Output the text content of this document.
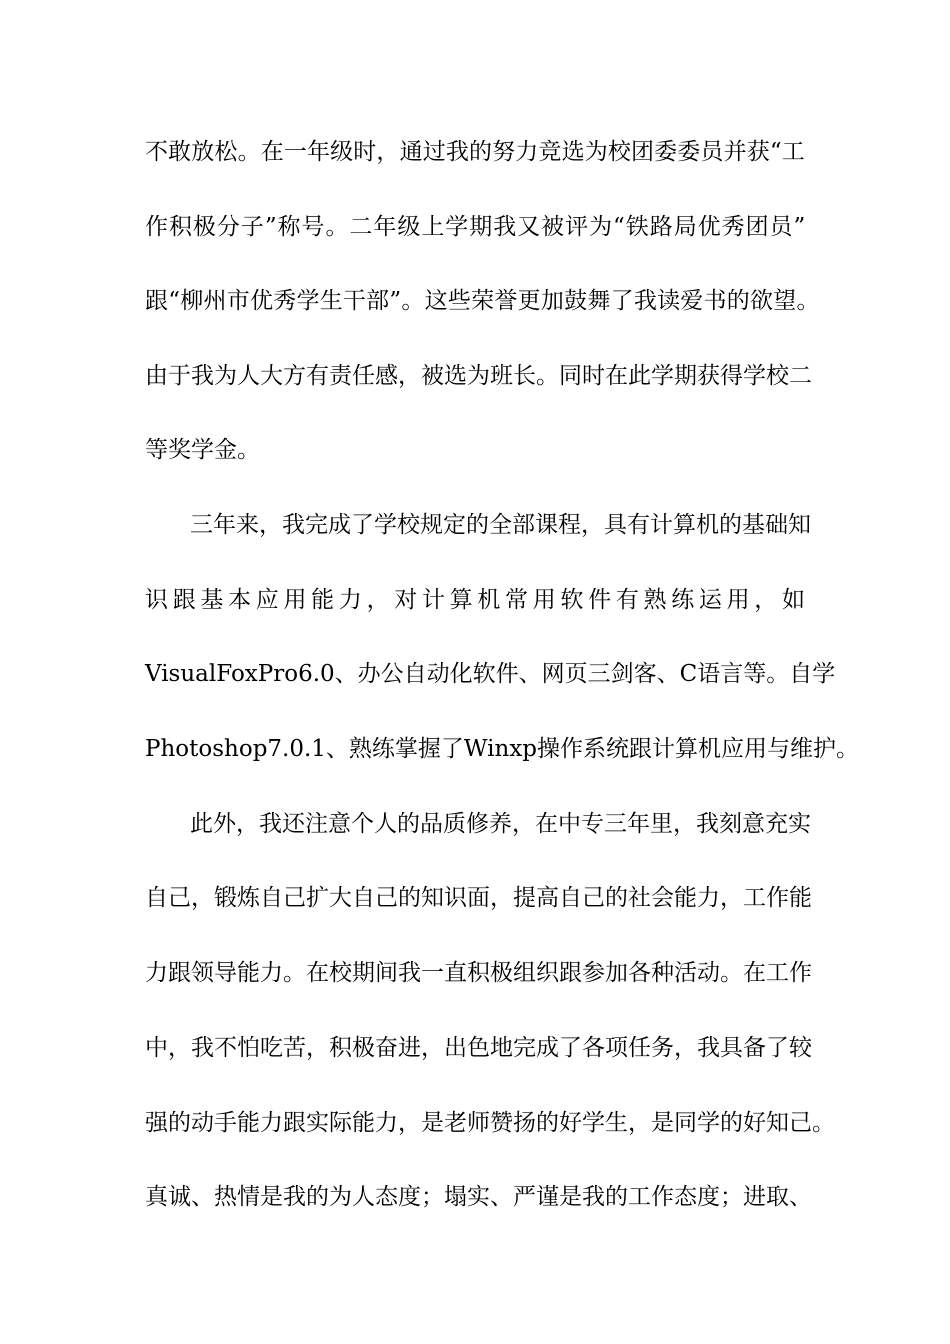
不敢放松。在一年级时，通过我的努力竞选为校团委委员并获“工
作积极分子”称号。二年级上学期我又被评为“铁路局优秀团员”
跟“柳州市优秀学生干部”。这些荣誉更加鼓舞了我读爱书的欲望。
由于我为人大方有责任感，被选为班长。同时在此学期获得学校二
等奖学金。
三年来，我完成了学校规定的全部课程，具有计算机的基础知
识跟基本应用能力，对计算机常用软件有熟练运用，如
VisualFoxPro6.0、办公自动化软件、网页三剑客、C语言等。自学
Photoshop7.0.1、熟练掌握了Winxp操作系统跟计算机应用与维护。
此外，我还注意个人的品质修养，在中专三年里，我刻意充实
自己，锻炼自己扩大自己的知识面，提高自己的社会能力，工作能
力跟领导能力。在校期间我一直积极组织跟参加各种活动。在工作
中，我不怕吃苦，积极奋进，出色地完成了各项任务，我具备了较
强的动手能力跟实际能力，是老师赞扬的好学生，是同学的好知己。
真诚、热情是我的为人态度；塌实、严谨是我的工作态度；进取、
